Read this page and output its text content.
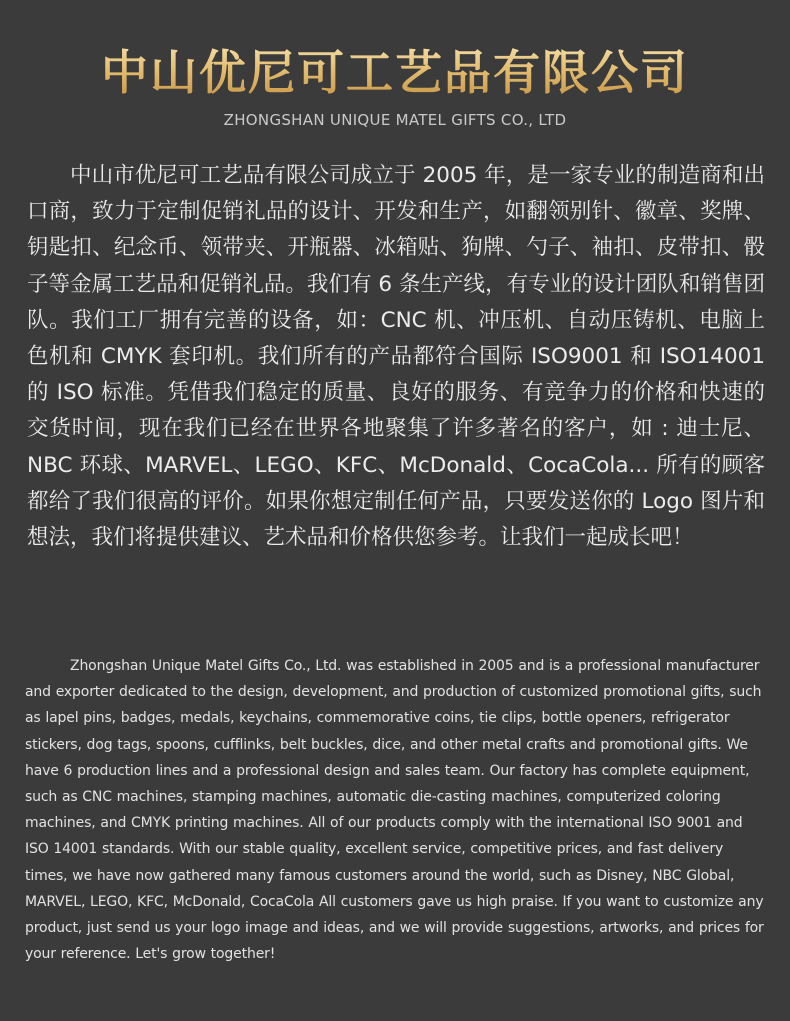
中山优尼可工艺品有限公司
ZHONGSHAN UNIQUE MATEL GIFTS CO., LTD

中山市优尼可工艺品有限公司成立于 2005 年，是一家专业的制造商和出口商，致力于定制促销礼品的设计、开发和生产，如翻领别针、徽章、奖牌、钥匙扣、纪念币、领带夹、开瓶器、冰箱贴、狗牌、勺子、袖扣、皮带扣、骰子等金属工艺品和促销礼品。我们有 6 条生产线，有专业的设计团队和销售团队。我们工厂拥有完善的设备，如：CNC 机、冲压机、自动压铸机、电脑上色机和 CMYK 套印机。我们所有的产品都符合国际 ISO9001 和 ISO14001 的 ISO 标准。凭借我们稳定的质量、良好的服务、有竞争力的价格和快速的交货时间，现在我们已经在世界各地聚集了许多著名的客户，如 : 迪士尼、NBC 环球、MARVEL、LEGO、KFC、McDonald、CocaCola... 所有的顾客都给了我们很高的评价。如果你想定制任何产品，只要发送你的 Logo 图片和想法，我们将提供建议、艺术品和价格供您参考。让我们一起成长吧！

Zhongshan Unique Matel Gifts Co., Ltd. was established in 2005 and is a professional manufacturer and exporter dedicated to the design, development, and production of customized promotional gifts, such as lapel pins, badges, medals, keychains, commemorative coins, tie clips, bottle openers, refrigerator stickers, dog tags, spoons, cufflinks, belt buckles, dice, and other metal crafts and promotional gifts. We have 6 production lines and a professional design and sales team. Our factory has complete equipment, such as CNC machines, stamping machines, automatic die-casting machines, computerized coloring machines, and CMYK printing machines. All of our products comply with the international ISO 9001 and ISO 14001 standards. With our stable quality, excellent service, competitive prices, and fast delivery times, we have now gathered many famous customers around the world, such as Disney, NBC Global, MARVEL, LEGO, KFC, McDonald, CocaCola All customers gave us high praise. If you want to customize any product, just send us your logo image and ideas, and we will provide suggestions, artworks, and prices for your reference. Let's grow together!
